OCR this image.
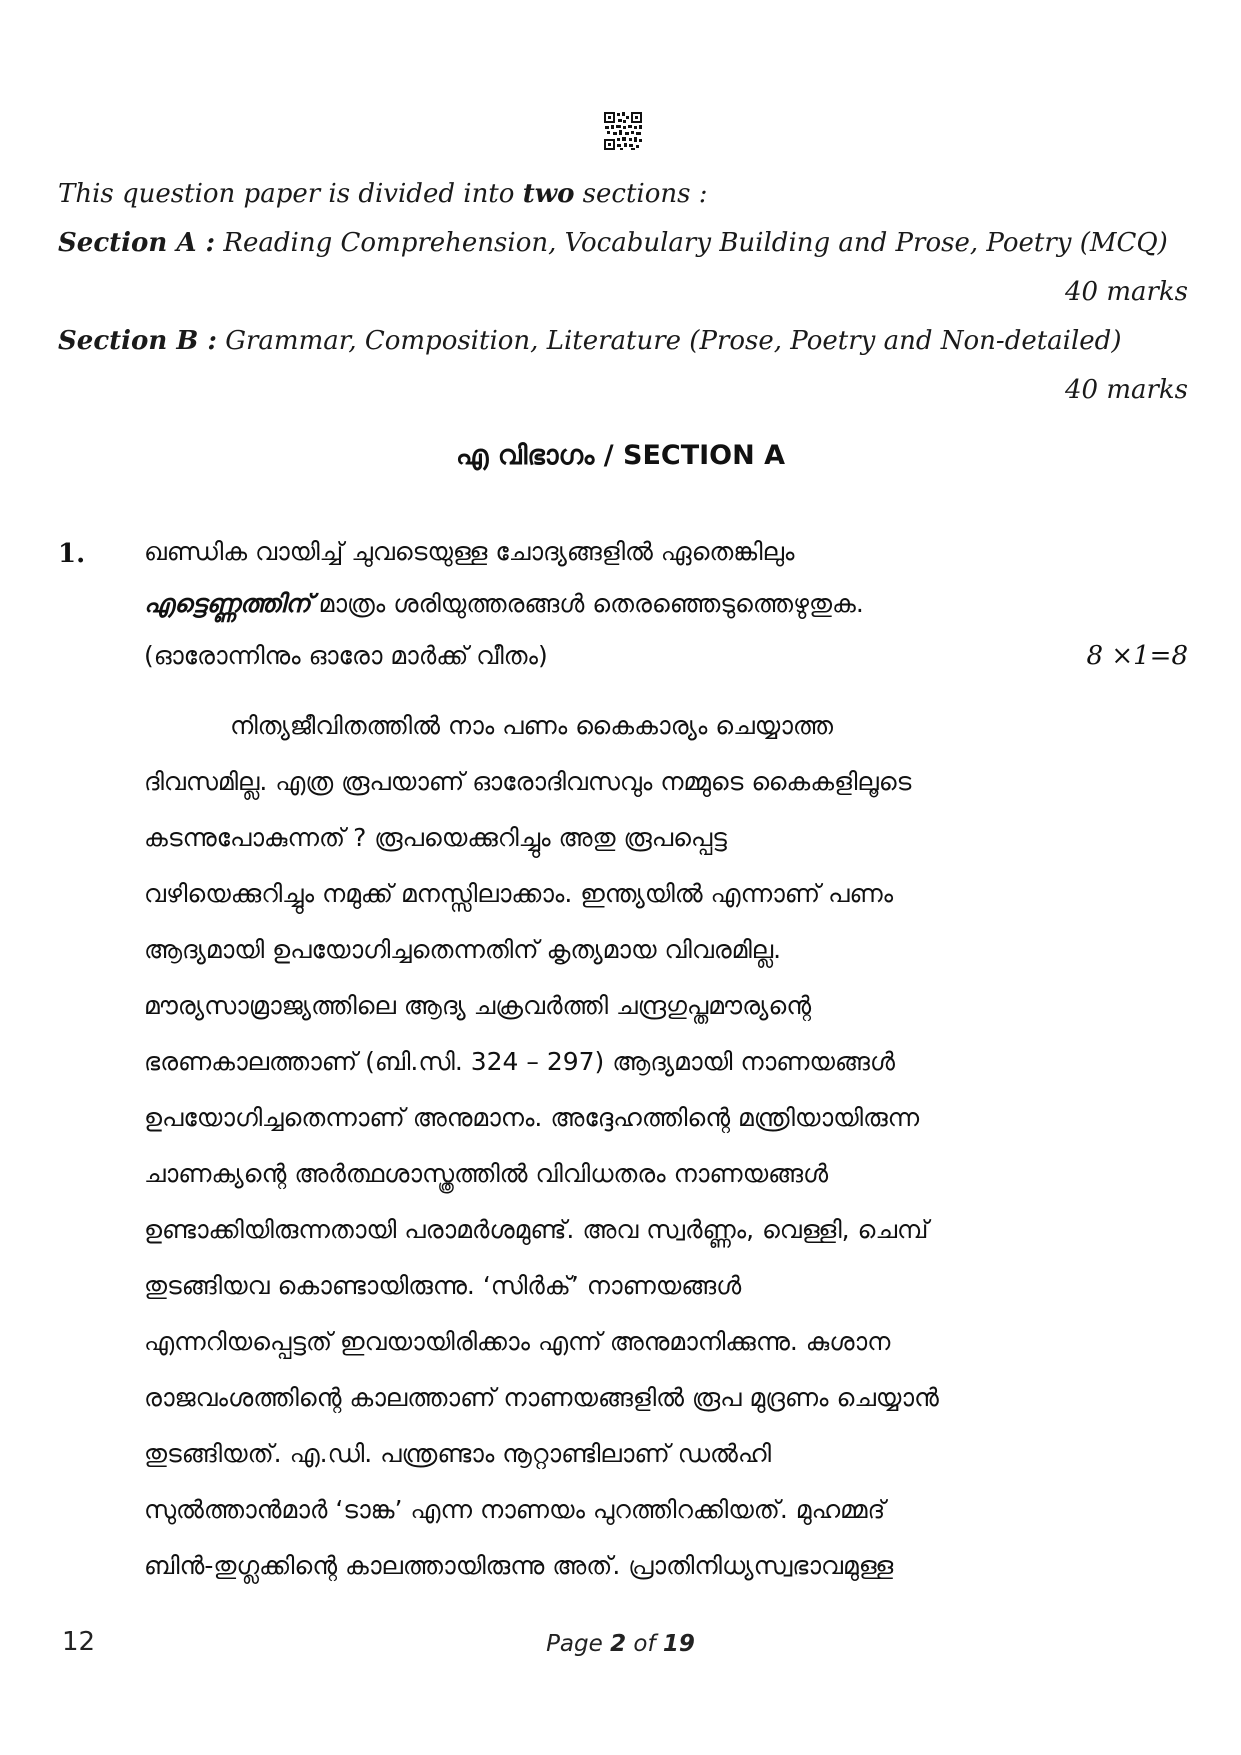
This question paper is divided into two sections :
Section A : Reading Comprehension, Vocabulary Building and Prose, Poetry (MCQ)
40 marks
Section B : Grammar, Composition, Literature (Prose, Poetry and Non-detailed)
40 marks
എ വിഭാഗം / SECTION A
1. ഖണ്ഡിക വായിച്ച് ചുവടെയുള്ള ചോദ്യങ്ങളിൽ ഏതെങ്കിലും
എട്ടെണ്ണത്തിന് മാത്രം ശരിയുത്തരങ്ങൾ തെരഞ്ഞെടുത്തെഴുതുക.
(ഓരോന്നിനും ഓരോ മാർക്ക് വീതം)	8 ×1=8
നിത്യജീവിതത്തിൽ നാം പണം കൈകാര്യം ചെയ്യാത്ത
ദിവസമില്ല. എത്ര രൂപയാണ് ഓരോദിവസവും നമ്മുടെ കൈകളിലൂടെ
കടന്നുപോകുന്നത് ? രൂപയെക്കുറിച്ചും അതു രൂപപ്പെട്ട
വഴിയെക്കുറിച്ചും നമുക്ക് മനസ്സിലാക്കാം. ഇന്ത്യയിൽ എന്നാണ് പണം
ആദ്യമായി ഉപയോഗിച്ചതെന്നതിന് കൃത്യമായ വിവരമില്ല.
മൗര്യസാമ്രാജ്യത്തിലെ ആദ്യ ചക്രവർത്തി ചന്ദ്രഗുപ്തമൗര്യന്റെ
ഭരണകാലത്താണ് (ബി.സി. 324 – 297) ആദ്യമായി നാണയങ്ങൾ
ഉപയോഗിച്ചതെന്നാണ് അനുമാനം. അദ്ദേഹത്തിന്റെ മന്ത്രിയായിരുന്ന
ചാണക്യന്റെ അർത്ഥശാസ്ത്രത്തിൽ വിവിധതരം നാണയങ്ങൾ
ഉണ്ടാക്കിയിരുന്നതായി പരാമർശമുണ്ട്. അവ സ്വർണ്ണം, വെള്ളി, ചെമ്പ്
തുടങ്ങിയവ കൊണ്ടായിരുന്നു. ‘സിർക്’ നാണയങ്ങൾ
എന്നറിയപ്പെട്ടത് ഇവയായിരിക്കാം എന്ന് അനുമാനിക്കുന്നു. കുശാന
രാജവംശത്തിന്റെ കാലത്താണ് നാണയങ്ങളിൽ രൂപ മുദ്രണം ചെയ്യാൻ
തുടങ്ങിയത്. എ.ഡി. പന്ത്രണ്ടാം നൂറ്റാണ്ടിലാണ് ഡൽഹി
സുൽത്താൻമാർ ‘ടാങ്ക’ എന്ന നാണയം പുറത്തിറക്കിയത്. മുഹമ്മദ്
ബിൻ-തുഗ്ലക്കിന്റെ കാലത്തായിരുന്നു അത്. പ്രാതിനിധ്യസ്വഭാവമുള്ള
12	Page 2 of 19
